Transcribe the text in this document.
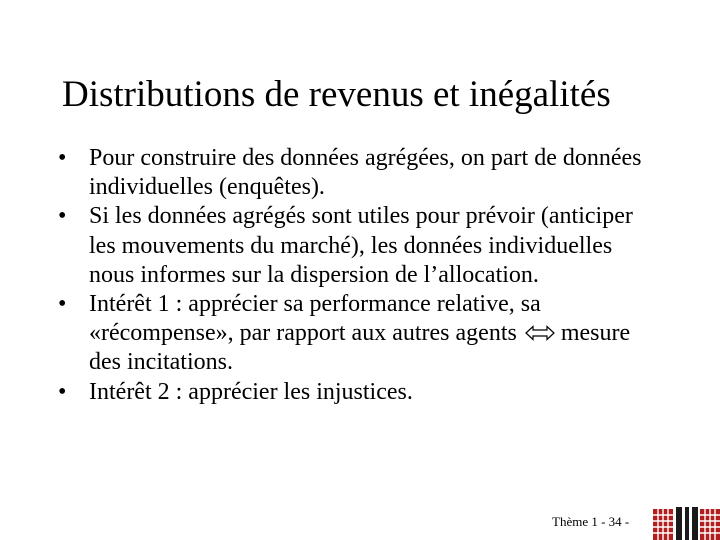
Distributions de revenus et inégalités
• Pour construire des données agrégées, on part de données individuelles (enquêtes).
• Si les données agrégés sont utiles pour prévoir (anticiper les mouvements du marché), les données individuelles nous informes sur la dispersion de l’allocation.
• Intérêt 1 : apprécier sa performance relative, sa «récompense», par rapport aux autres agents mesure des incitations.
• Intérêt 2 : apprécier les injustices.
Thème 1 - 34 -
